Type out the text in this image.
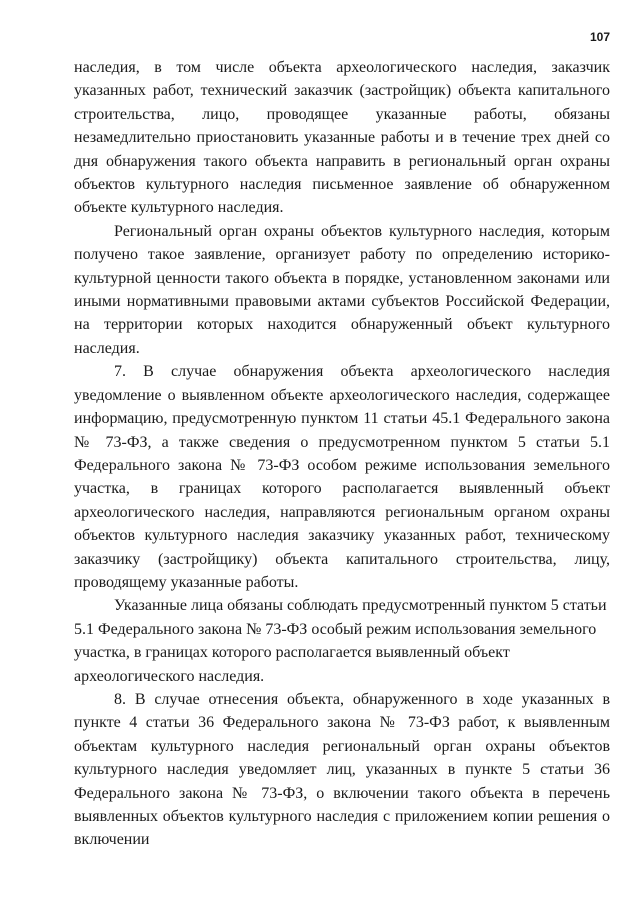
107

наследия, в том числе объекта археологического наследия, заказчик указанных работ, технический заказчик (застройщик) объекта капитального строительства, лицо, проводящее указанные работы, обязаны незамедлительно приостановить указанные работы и в течение трех дней со дня обнаружения такого объекта направить в региональный орган охраны объектов культурного наследия письменное заявление об обнаруженном объекте культурного наследия.

Региональный орган охраны объектов культурного наследия, которым получено такое заявление, организует работу по определению историко-культурной ценности такого объекта в порядке, установленном законами или иными нормативными правовыми актами субъектов Российской Федерации, на территории которых находится обнаруженный объект культурного наследия.

7. В случае обнаружения объекта археологического наследия уведомление о выявленном объекте археологического наследия, содержащее информацию, предусмотренную пунктом 11 статьи 45.1 Федерального закона № 73-ФЗ, а также сведения о предусмотренном пунктом 5 статьи 5.1 Федерального закона № 73-ФЗ особом режиме использования земельного участка, в границах которого располагается выявленный объект археологического наследия, направляются региональным органом охраны объектов культурного наследия заказчику указанных работ, техническому заказчику (застройщику) объекта капитального строительства, лицу, проводящему указанные работы.

Указанные лица обязаны соблюдать предусмотренный пунктом 5 статьи 5.1 Федерального закона № 73-ФЗ особый режим использования земельного участка, в границах которого располагается выявленный объект археологического наследия.

8. В случае отнесения объекта, обнаруженного в ходе указанных в пункте 4 статьи 36 Федерального закона № 73-ФЗ работ, к выявленным объектам культурного наследия региональный орган охраны объектов культурного наследия уведомляет лиц, указанных в пункте 5 статьи 36 Федерального закона № 73-ФЗ, о включении такого объекта в перечень выявленных объектов культурного наследия с приложением копии решения о включении
